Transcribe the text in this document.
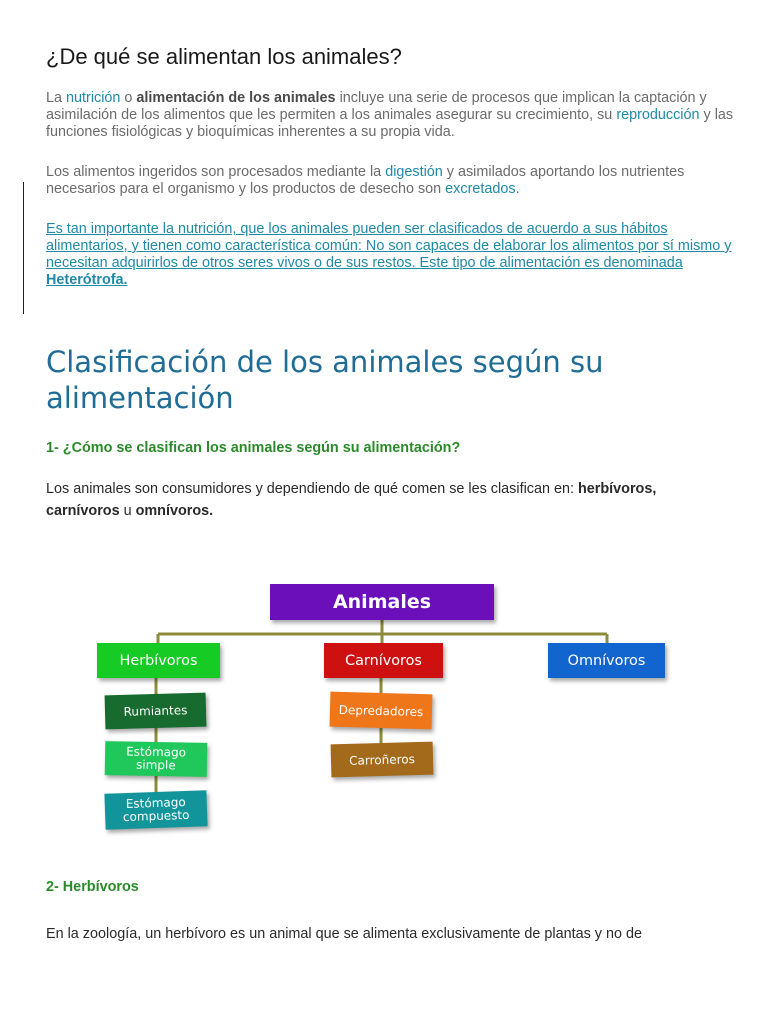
¿De qué se alimentan los animales?

La nutrición o alimentación de los animales incluye una serie de procesos que implican la captación y asimilación de los alimentos que les permiten a los animales asegurar su crecimiento, su reproducción y las funciones fisiológicas y bioquímicas inherentes a su propia vida.

Los alimentos ingeridos son procesados mediante la digestión y asimilados aportando los nutrientes necesarios para el organismo y los productos de desecho son excretados.

Es tan importante la nutrición, que los animales pueden ser clasificados de acuerdo a sus hábitos alimentarios, y tienen como característica común: No son capaces de elaborar los alimentos por sí mismo y necesitan adquirirlos de otros seres vivos o de sus restos. Este tipo de alimentación es denominada Heterótrofa.

Clasificación de los animales según su alimentación
1- ¿Cómo se clasifican los animales según su alimentación?

Los animales son consumidores y dependiendo de qué comen se les clasifican en: herbívoros,
carnívoros u omnívoros.

Animales
Herbívoros	Carnívoros	Omnívoros
Rumiantes
Estómago
simple
Estómago
compuesto
Depredadores
Carroñeros
2- Herbívoros

En la zoología, un herbívoro es un animal que se alimenta exclusivamente de plantas y no de
